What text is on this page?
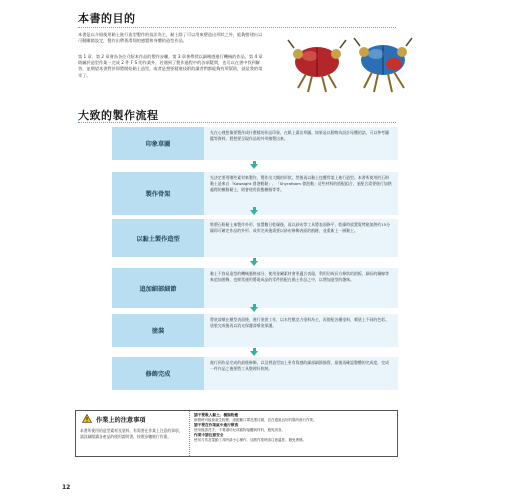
本書的目的
本書是以介紹使用黏土進行造型製作的技法為主，黏土除了可以用來塑造出形狀之外，能夠搭建出以可動關節設定，製作出帶著滑翔的感覺和身體的造型作品。
第 1 章、第 2 章會為各位介紹本作品的製作步驟，第 3 章會傳授以細緻感進行機械的作品，第 4 章則屬於造型作業－完成 2 件 F S 的作業外，若遇到了製作過程中的各項疑問，也可以在書中找到解答，並期望本書對於即將開始黏土造型，或者是想要精進技術的讀者們都能夠有所幫助，就是我的榮幸了。
大致的製作流程
印象草圖
先在心裡想像要製作成什麼樣的作品印象，在紙上畫出草圖。如果是以動物為設計母體的話，可以參考圖鑑等資料，將想要呈現作品的外形繪製出來。
製作骨架
先決定要用哪些素材來製作，製作出大概的形狀，然後再以黏土包覆骨架上進行造型。本書所使用的石粉黏土是來自「Kawaight 發泡輕黏」、「Shyrafoam 發泡黏」這些材料的搭配組合，並配合需要進行加熱處理的樹脂黏土，則會使用固態樹脂等等。
以黏土製作造型
堆塑石粉黏土來製作外形，放置數日乾燥後，再以砂布等工具將表面修平，乾燥時放置電烤箱加熱約15分鐘即可確定作品的外形，成形完成後需要以砂布修飾表面的痕跡，並重新上一層黏土。
追加細部細節
黏土不容易造型的機械風格部分，使用金屬素材會更適合表現，利用切成長方條狀的鋁板、細長的銅線等來追加裝飾，也經常運用將現成品的零件搭配在黏土作品之中，以增加造型的趣味。
塗裝
將底漆噴在模型表面後，進行塗裝工作，以水性壓克力塗料為主，再搭配各種塗料，噴塗上不同的色彩。塗裝完成後再以消光保護漆噴塗保護。
修飾完成
進行到作品完成的最後修飾，以及替造型加上更有質感的細部細節描寫，最後再確認整體的完成度，完成一件作品之後要將工具整理好收納。
作業上的注意事項
本書所使用的造型素材及塗料，有需要在作業上注意的事項，請詳細閱讀各產品的使用說明書，按照步驟進行作業。
請不要吸入黏土、樹脂粉塵
研磨時可能會產生粉塵，請配戴口罩及護目鏡，並在通風良好的場所進行作業。
請不要在作業區中進行飲食
使用後請洗手，不要讓幼兒或寵物接觸到材料，避免誤食。
作業中請注意安全
使用刀具及電動工具時請小心操作，加熱作業時請注意溫度，避免燙傷。
12
